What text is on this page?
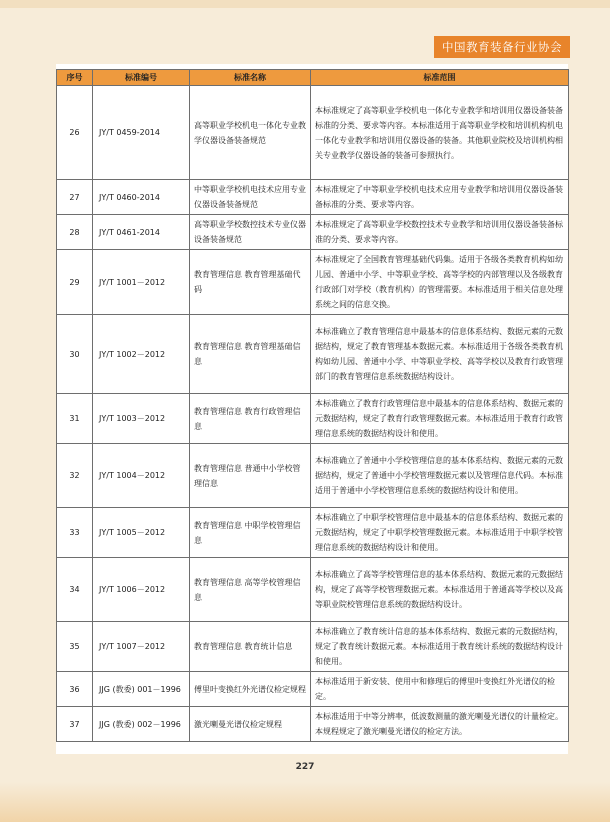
中国教育装备行业协会
序号	标准编号	标准名称	标准范围
26	JY/T 0459-2014	高等职业学校机电一体化专业教学仪器设备装备规范	本标准规定了高等职业学校机电一体化专业教学和培训用仪器设备装备标准的分类、要求等内容。本标准适用于高等职业学校和培训机构机电一体化专业教学和培训用仪器设备的装备。其他职业院校及培训机构相关专业教学仪器设备的装备可参照执行。
27	JY/T 0460-2014	中等职业学校机电技术应用专业仪器设备装备规范	本标准规定了中等职业学校机电技术应用专业教学和培训用仪器设备装备标准的分类、要求等内容。
28	JY/T 0461-2014	高等职业学校数控技术专业仪器设备装备规范	本标准规定了高等职业学校数控技术专业教学和培训用仪器设备装备标准的分类、要求等内容。
29	JY/T 1001－2012	教育管理信息 教育管理基础代码	本标准规定了全国教育管理基础代码集。适用于各级各类教育机构如幼儿园、普通中小学、中等职业学校、高等学校的内部管理以及各级教育行政部门对学校（教育机构）的管理需要。本标准适用于相关信息处理系统之间的信息交换。
30	JY/T 1002－2012	教育管理信息 教育管理基础信息	本标准确立了教育管理信息中最基本的信息体系结构、数据元素的元数据结构，规定了教育管理基本数据元素。本标准适用于各级各类教育机构如幼儿园、普通中小学、中等职业学校、高等学校以及教育行政管理部门的教育管理信息系统数据结构设计。
31	JY/T 1003－2012	教育管理信息 教育行政管理信息	本标准确立了教育行政管理信息中最基本的信息体系结构、数据元素的元数据结构，规定了教育行政管理数据元素。本标准适用于教育行政管理信息系统的数据结构设计和使用。
32	JY/T 1004－2012	教育管理信息 普通中小学校管理信息	本标准确立了普通中小学校管理信息的基本体系结构、数据元素的元数据结构，规定了普通中小学校管理数据元素以及管理信息代码。本标准适用于普通中小学校管理信息系统的数据结构设计和使用。
33	JY/T 1005－2012	教育管理信息 中职学校管理信息	本标准确立了中职学校管理信息中最基本的信息体系结构、数据元素的元数据结构，规定了中职学校管理数据元素。本标准适用于中职学校管理信息系统的数据结构设计和使用。
34	JY/T 1006－2012	教育管理信息 高等学校管理信息	本标准确立了高等学校管理信息的基本体系结构、数据元素的元数据结构，规定了高等学校管理数据元素。本标准适用于普通高等学校以及高等职业院校管理信息系统的数据结构设计。
35	JY/T 1007－2012	教育管理信息 教育统计信息	本标准确立了教育统计信息的基本体系结构、数据元素的元数据结构，规定了教育统计数据元素。本标准适用于教育统计系统的数据结构设计和使用。
36	JJG (教委) 001－1996	傅里叶变换红外光谱仪检定规程	本标准适用于新安装、使用中和修理后的傅里叶变换红外光谱仪的检定。
37	JJG (教委) 002－1996	激光喇曼光谱仪检定规程	本标准适用于中等分辨率，低波数测量的激光喇曼光谱仪的计量检定。本规程规定了激光喇曼光谱仪的检定方法。
227
